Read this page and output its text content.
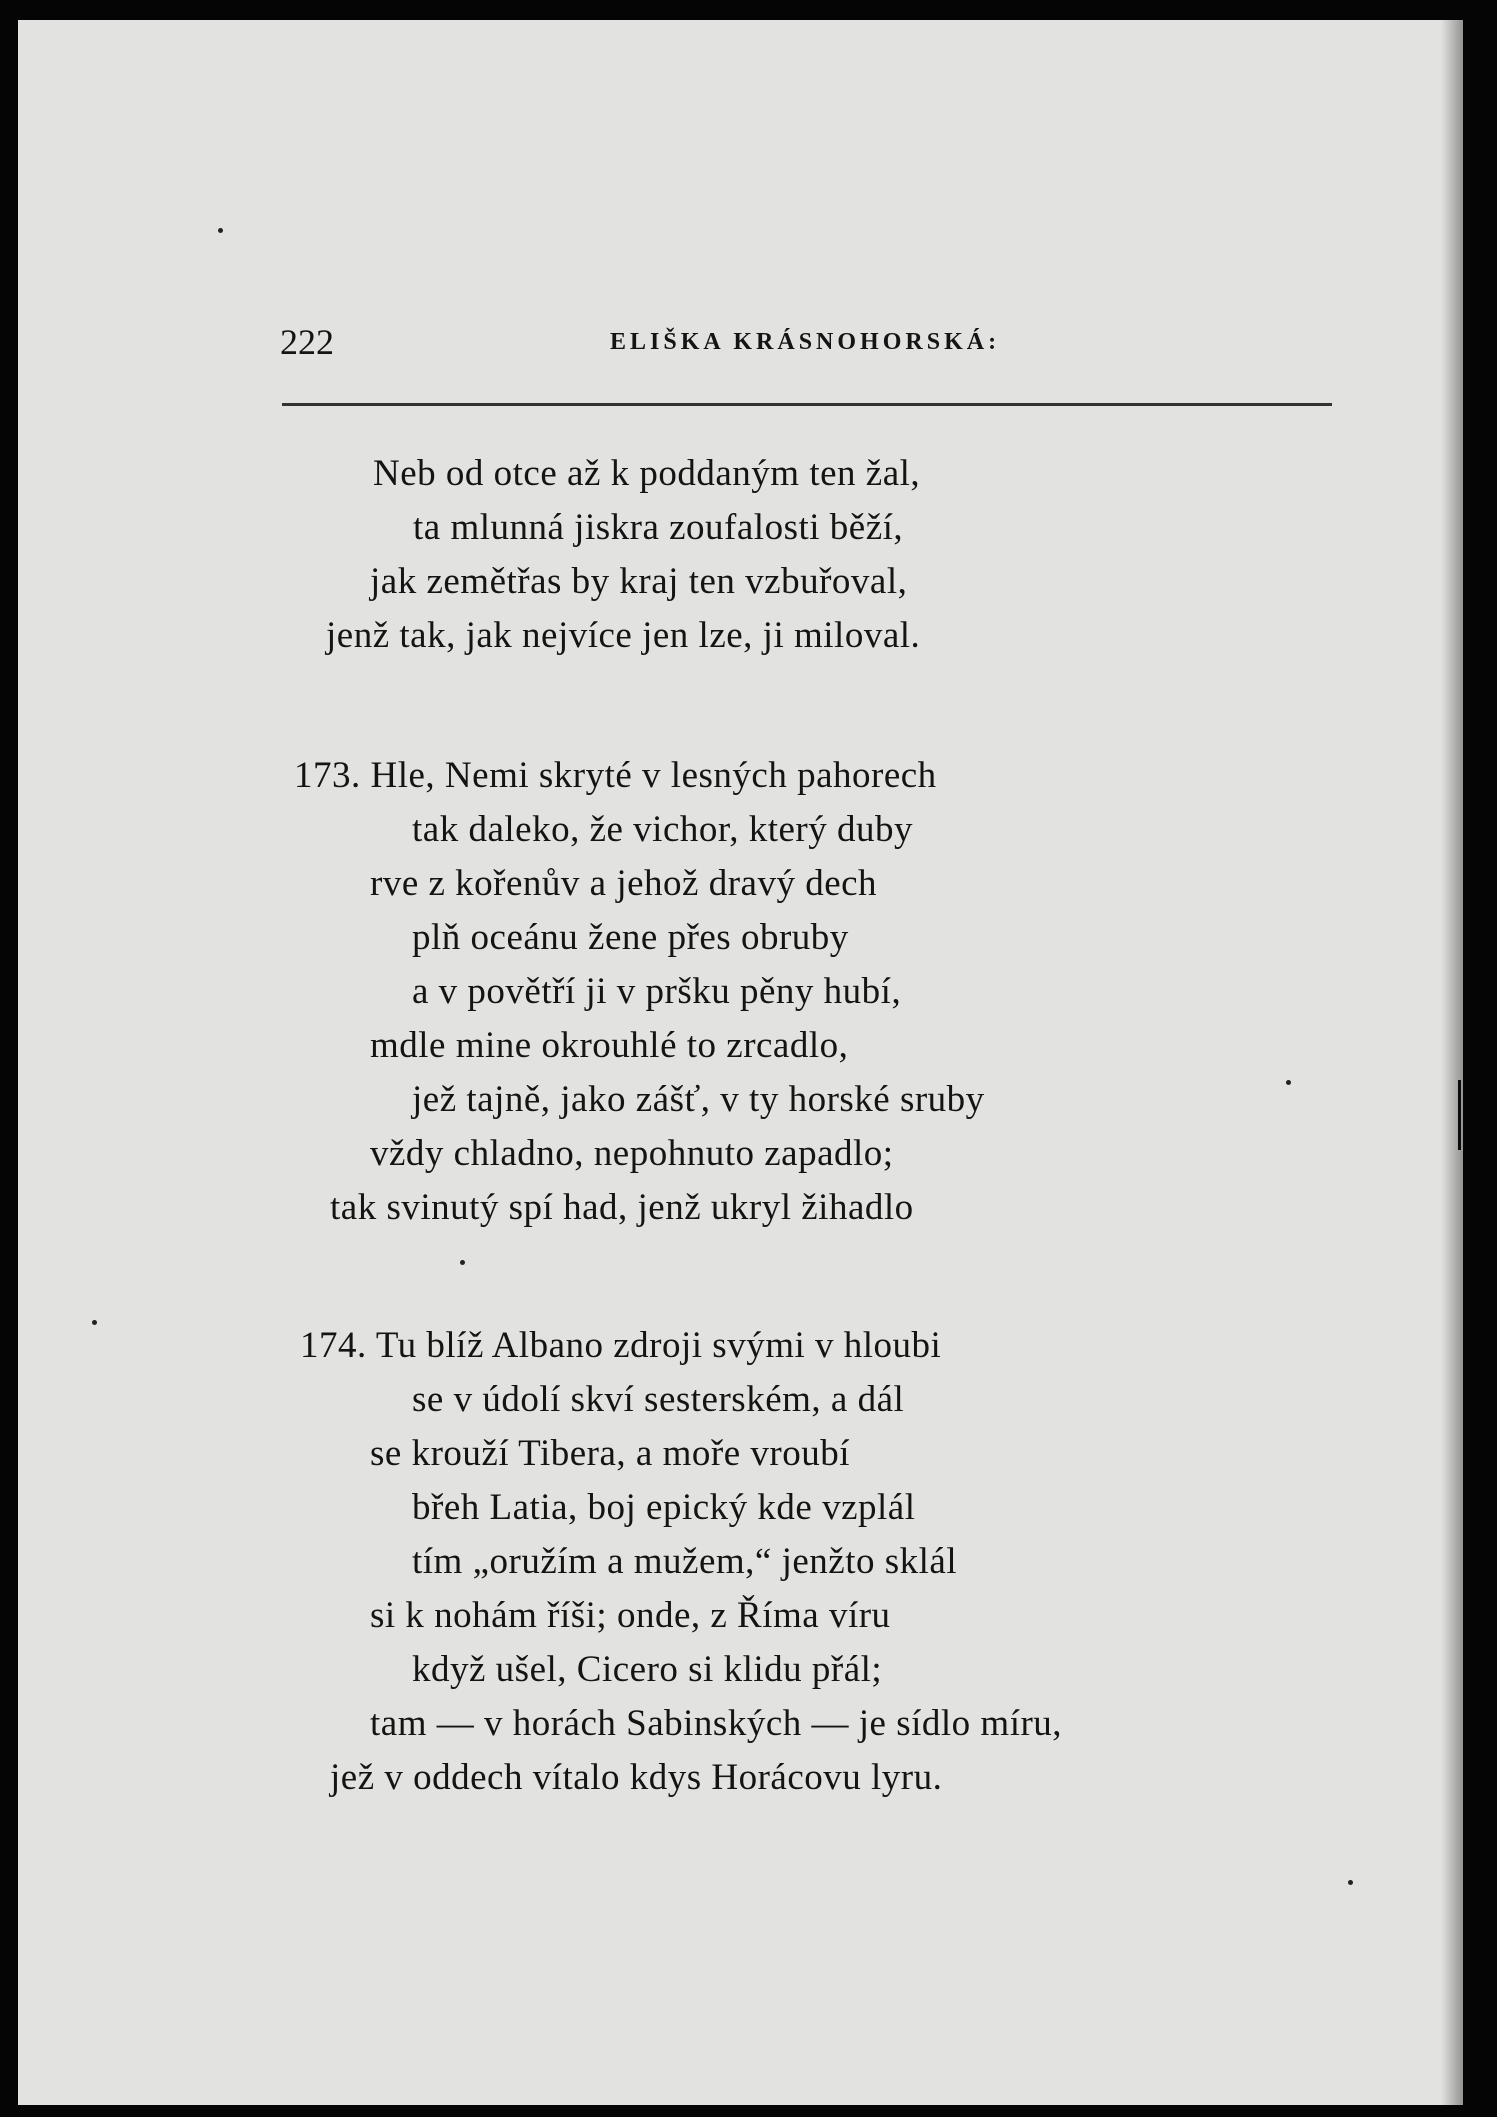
222	ELIŠKA KRÁSNOHORSKÁ:
Neb od otce až k poddaným ten žal,
ta mlunná jiskra zoufalosti běží,
jak zemětřas by kraj ten vzbuřoval,
jenž tak, jak nejvíce jen lze, ji miloval.
173. Hle, Nemi skryté v lesných pahorech
tak daleko, že vichor, který duby
rve z kořenův a jehož dravý dech
plň oceánu žene přes obruby
a v povětří ji v pršku pěny hubí,
mdle mine okrouhlé to zrcadlo,
jež tajně, jako zášť, v ty horské sruby
vždy chladno, nepohnuto zapadlo;
tak svinutý spí had, jenž ukryl žihadlo
174. Tu blíž Albano zdroji svými v hloubi
se v údolí skví sesterském, a dál
se krouží Tibera, a moře vroubí
břeh Latia, boj epický kde vzplál
tím „oružím a mužem,“ jenžto sklál
si k nohám říši; onde, z Říma víru
když ušel, Cicero si klidu přál;
tam — v horách Sabinských — je sídlo míru,
jež v oddech vítalo kdys Horácovu lyru.
